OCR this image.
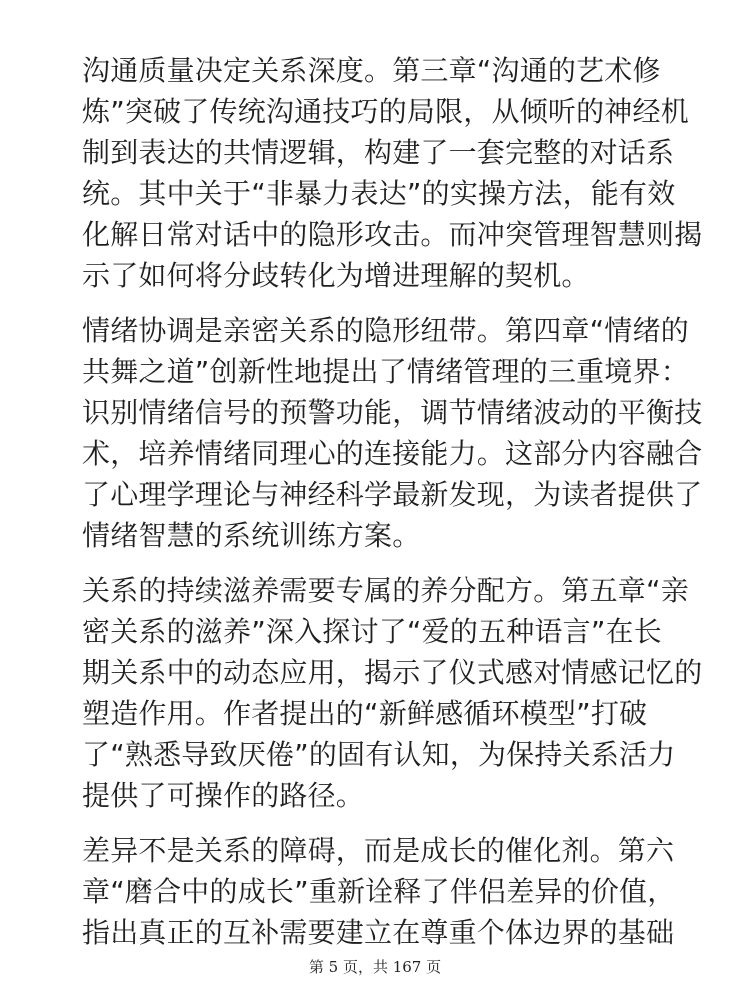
沟通质量决定关系深度。第三章“沟通的艺术修
炼”突破了传统沟通技巧的局限，从倾听的神经机
制到表达的共情逻辑，构建了一套完整的对话系
统。其中关于“非暴力表达”的实操方法，能有效
化解日常对话中的隐形攻击。而冲突管理智慧则揭
示了如何将分歧转化为增进理解的契机。
情绪协调是亲密关系的隐形纽带。第四章“情绪的
共舞之道”创新性地提出了情绪管理的三重境界：
识别情绪信号的预警功能，调节情绪波动的平衡技
术，培养情绪同理心的连接能力。这部分内容融合
了心理学理论与神经科学最新发现，为读者提供了
情绪智慧的系统训练方案。
关系的持续滋养需要专属的养分配方。第五章“亲
密关系的滋养”深入探讨了“爱的五种语言”在长
期关系中的动态应用，揭示了仪式感对情感记忆的
塑造作用。作者提出的“新鲜感循环模型”打破
了“熟悉导致厌倦”的固有认知，为保持关系活力
提供了可操作的路径。
差异不是关系的障碍，而是成长的催化剂。第六
章“磨合中的成长”重新诠释了伴侣差异的价值，
指出真正的互补需要建立在尊重个体边界的基础
第 5 页，共 167 页
